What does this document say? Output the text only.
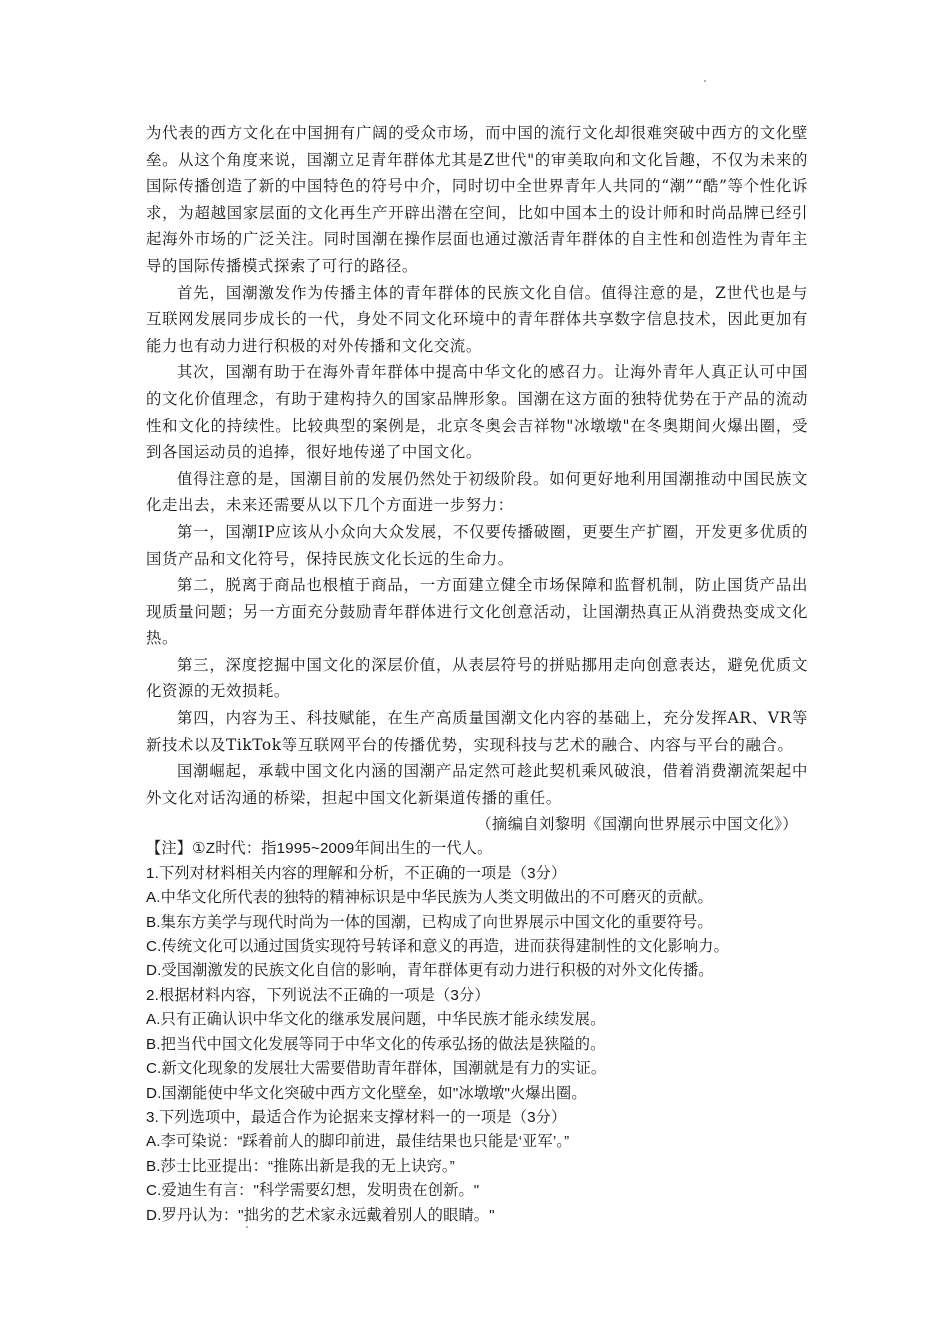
为代表的西方文化在中国拥有广阔的受众市场，而中国的流行文化却很难突破中西方的文化壁垒。从这个角度来说，国潮立足青年群体尤其是Z世代"的审美取向和文化旨趣，不仅为未来的国际传播创造了新的中国特色的符号中介，同时切中全世界青年人共同的“潮”“酷”等个性化诉求，为超越国家层面的文化再生产开辟出潜在空间，比如中国本土的设计师和时尚品牌已经引起海外市场的广泛关注。同时国潮在操作层面也通过激活青年群体的自主性和创造性为青年主导的国际传播模式探索了可行的路径。

首先，国潮激发作为传播主体的青年群体的民族文化自信。值得注意的是，Z世代也是与互联网发展同步成长的一代，身处不同文化环境中的青年群体共享数字信息技术，因此更加有能力也有动力进行积极的对外传播和文化交流。

其次，国潮有助于在海外青年群体中提高中华文化的感召力。让海外青年人真正认可中国的文化价值理念，有助于建构持久的国家品牌形象。国潮在这方面的独特优势在于产品的流动性和文化的持续性。比较典型的案例是，北京冬奥会吉祥物"冰墩墩"在冬奥期间火爆出圈，受到各国运动员的追捧，很好地传递了中国文化。

值得注意的是，国潮目前的发展仍然处于初级阶段。如何更好地利用国潮推动中国民族文化走出去，未来还需要从以下几个方面进一步努力：

第一，国潮IP应该从小众向大众发展，不仅要传播破圈，更要生产扩圈，开发更多优质的国货产品和文化符号，保持民族文化长远的生命力。

第二，脱离于商品也根植于商品，一方面建立健全市场保障和监督机制，防止国货产品出现质量问题；另一方面充分鼓励青年群体进行文化创意活动，让国潮热真正从消费热变成文化热。

第三，深度挖掘中国文化的深层价值，从表层符号的拼贴挪用走向创意表达，避免优质文化资源的无效损耗。

第四，内容为王、科技赋能，在生产高质量国潮文化内容的基础上，充分发挥AR、VR等新技术以及TikTok等互联网平台的传播优势，实现科技与艺术的融合、内容与平台的融合。

国潮崛起，承载中国文化内涵的国潮产品定然可趁此契机乘风破浪，借着消费潮流架起中外文化对话沟通的桥梁，担起中国文化新渠道传播的重任。

（摘编自刘黎明《国潮向世界展示中国文化》）

【注】①Z时代：指1995~2009年间出生的一代人。

1.下列对材料相关内容的理解和分析，不正确的一项是（3分）

A.中华文化所代表的独特的精神标识是中华民族为人类文明做出的不可磨灭的贡献。

B.集东方美学与现代时尚为一体的国潮，已构成了向世界展示中国文化的重要符号。

C.传统文化可以通过国货实现符号转译和意义的再造，进而获得建制性的文化影响力。

D.受国潮激发的民族文化自信的影响，青年群体更有动力进行积极的对外文化传播。

2.根据材料内容，下列说法不正确的一项是（3分）

A.只有正确认识中华文化的继承发展问题，中华民族才能永续发展。

B.把当代中国文化发展等同于中华文化的传承弘扬的做法是狭隘的。

C.新文化现象的发展壮大需要借助青年群体，国潮就是有力的实证。

D.国潮能使中华文化突破中西方文化壁垒，如"冰墩墩"火爆出圈。

3.下列选项中，最适合作为论据来支撑材料一的一项是（3分）

A.李可染说：“踩着前人的脚印前进，最佳结果也只能是‘亚军’。”

B.莎士比亚提出：“推陈出新是我的无上诀窍。”

C.爱迪生有言："科学需要幻想，发明贵在创新。"

D.罗丹认为："拙劣的艺术家永远戴着别人的眼睛。"
